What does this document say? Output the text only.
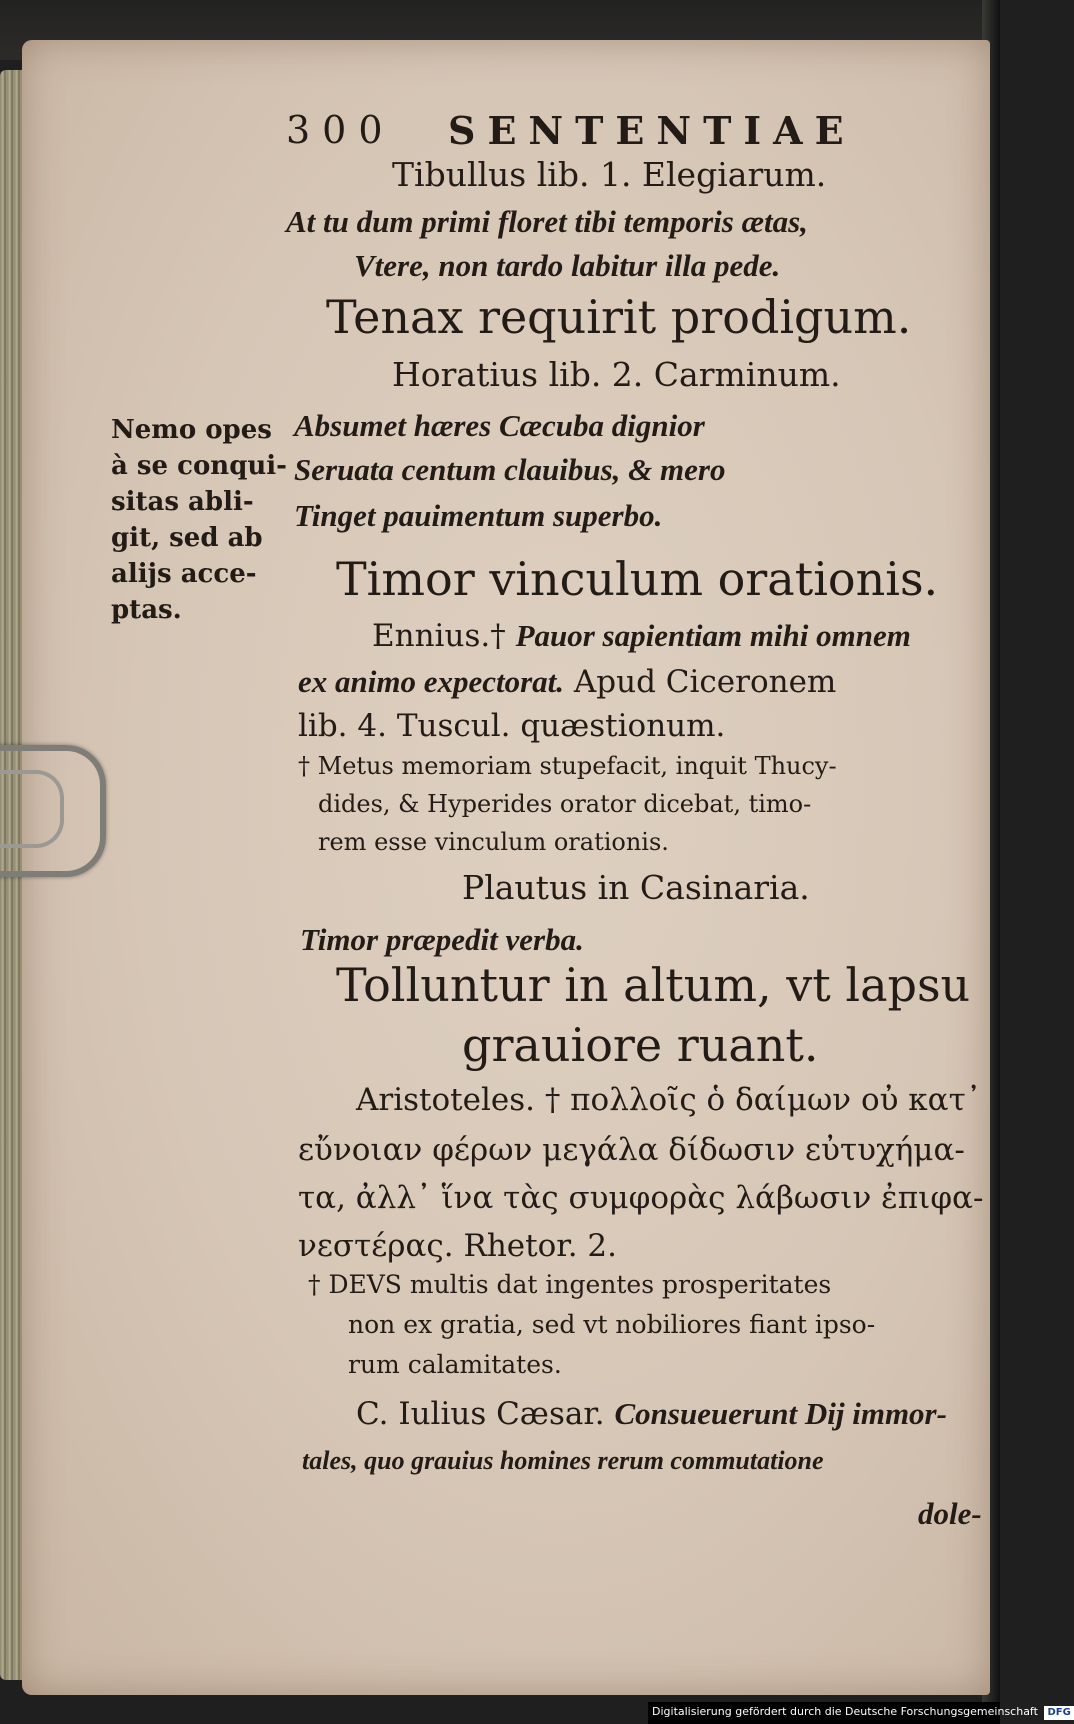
300 SENTENTIAE
Nemo opes
à se conqui-
sitas abli-
git, sed ab
alijs acce-
ptas.
Tibullus lib. 1. Elegiarum.
At tu dum primi floret tibi temporis ætas,
Vtere, non tardo labitur illa pede.
Tenax requirit prodigum.
Horatius lib. 2. Carminum.
Absumet hæres Cæcuba dignior
Seruata centum clauibus, & mero
Tinget pauimentum superbo.
Timor vinculum orationis.
Ennius.† Pauor sapientiam mihi omnem
ex animo expectorat. Apud Ciceronem
lib. 4. Tuscul. quæstionum.
† Metus memoriam stupefacit, inquit Thucy-
dides, & Hyperides orator dicebat, timo-
rem esse vinculum orationis.
Plautus in Casinaria.
Timor præpedit verba.
Tolluntur in altum, vt lapsu
grauiore ruant.
Aristoteles. † πολλοῖς ὁ δαίμων οὐ κατ᾽
εὔνοιαν φέρων μεγάλα δίδωσιν εὐτυχήμα-
τα, ἀλλ᾽ ἵνα τὰς συμφορὰς λάβωσιν ἐπιφα-
νεστέρας. Rhetor. 2.
† DEVS multis dat ingentes prosperitates
non ex gratia, sed vt nobiliores fiant ipso-
rum calamitates.
C. Iulius Cæsar. Consueuerunt Dij immor-
tales, quo grauius homines rerum commutatione
dole-
Digitalisierung gefördert durch die Deutsche Forschungsgemeinschaft DFG
